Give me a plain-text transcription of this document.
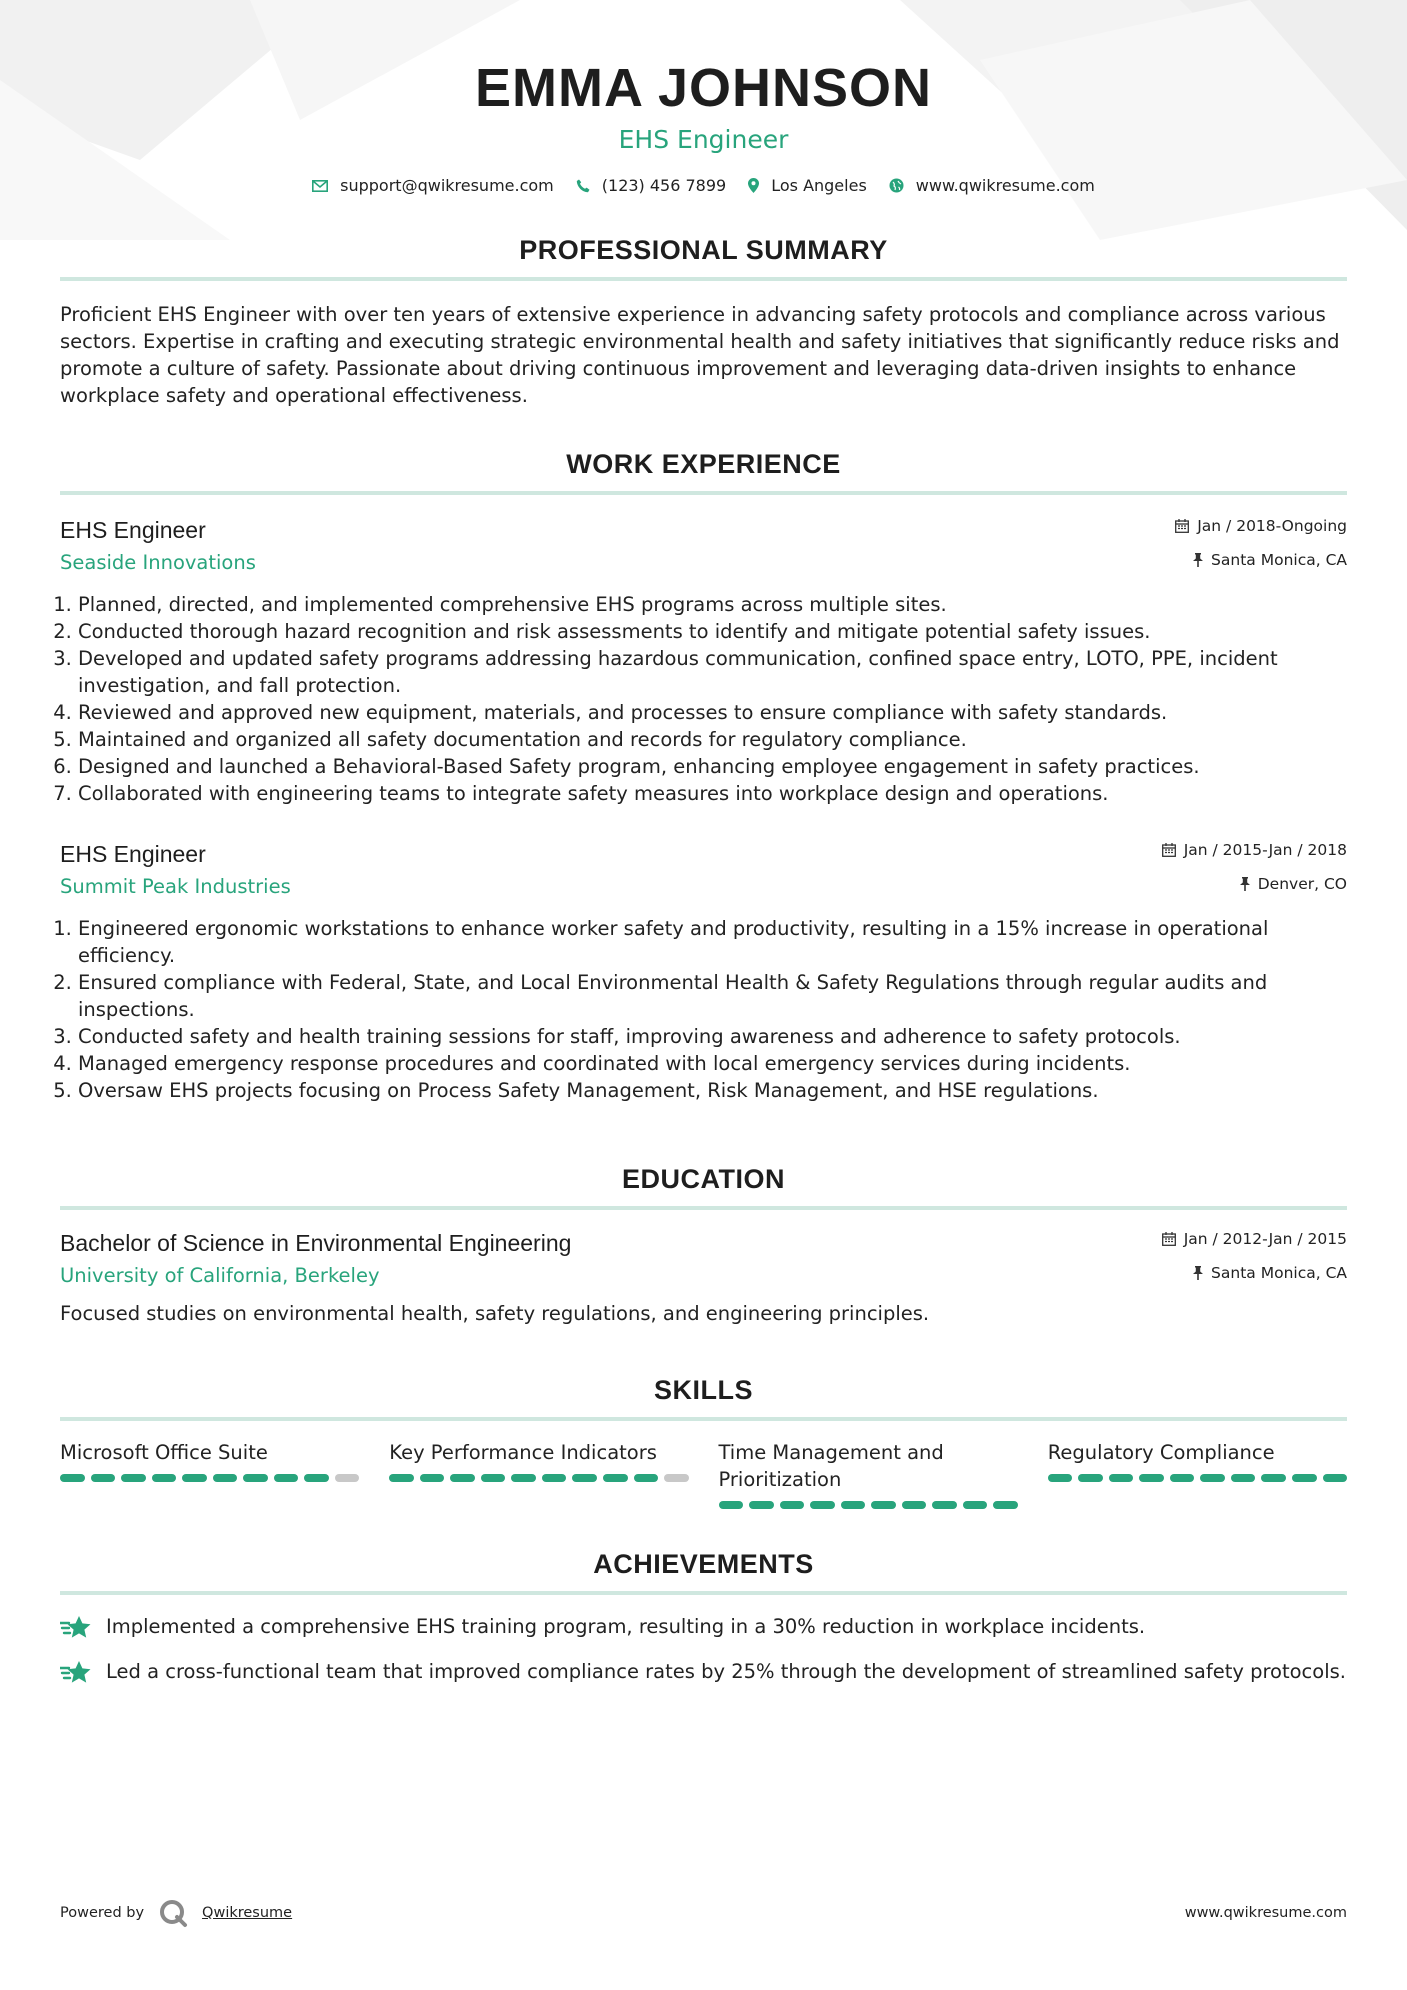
EMMA JOHNSON
EHS Engineer
support@qwikresume.com	(123) 456 7899	Los Angeles	www.qwikresume.com
PROFESSIONAL SUMMARY

Proficient EHS Engineer with over ten years of extensive experience in advancing safety protocols and compliance across various sectors. Expertise in crafting and executing strategic environmental health and safety initiatives that significantly reduce risks and promote a culture of safety. Passionate about driving continuous improvement and leveraging data-driven insights to enhance workplace safety and operational effectiveness.

WORK EXPERIENCE
EHS Engineer
Seaside Innovations
Jan / 2018-Ongoing
Santa Monica, CA
1. Planned, directed, and implemented comprehensive EHS programs across multiple sites.
2. Conducted thorough hazard recognition and risk assessments to identify and mitigate potential safety issues.
3. Developed and updated safety programs addressing hazardous communication, confined space entry, LOTO, PPE, incident investigation, and fall protection.
4. Reviewed and approved new equipment, materials, and processes to ensure compliance with safety standards.
5. Maintained and organized all safety documentation and records for regulatory compliance.
6. Designed and launched a Behavioral-Based Safety program, enhancing employee engagement in safety practices.
7. Collaborated with engineering teams to integrate safety measures into workplace design and operations.
EHS Engineer
Summit Peak Industries
Jan / 2015-Jan / 2018
Denver, CO
1. Engineered ergonomic workstations to enhance worker safety and productivity, resulting in a 15% increase in operational efficiency.
2. Ensured compliance with Federal, State, and Local Environmental Health & Safety Regulations through regular audits and inspections.
3. Conducted safety and health training sessions for staff, improving awareness and adherence to safety protocols.
4. Managed emergency response procedures and coordinated with local emergency services during incidents.
5. Oversaw EHS projects focusing on Process Safety Management, Risk Management, and HSE regulations.
EDUCATION
Bachelor of Science in Environmental Engineering
University of California, Berkeley
Jan / 2012-Jan / 2015
Santa Monica, CA
Focused studies on environmental health, safety regulations, and engineering principles.
SKILLS
Microsoft Office Suite	Key Performance Indicators	Time Management and Prioritization
Regulatory Compliance
ACHIEVEMENTS
Implemented a comprehensive EHS training program, resulting in a 30% reduction in workplace incidents.
Led a cross-functional team that improved compliance rates by 25% through the development of streamlined safety protocols.
Powered by	Qwikresume	www.qwikresume.com
